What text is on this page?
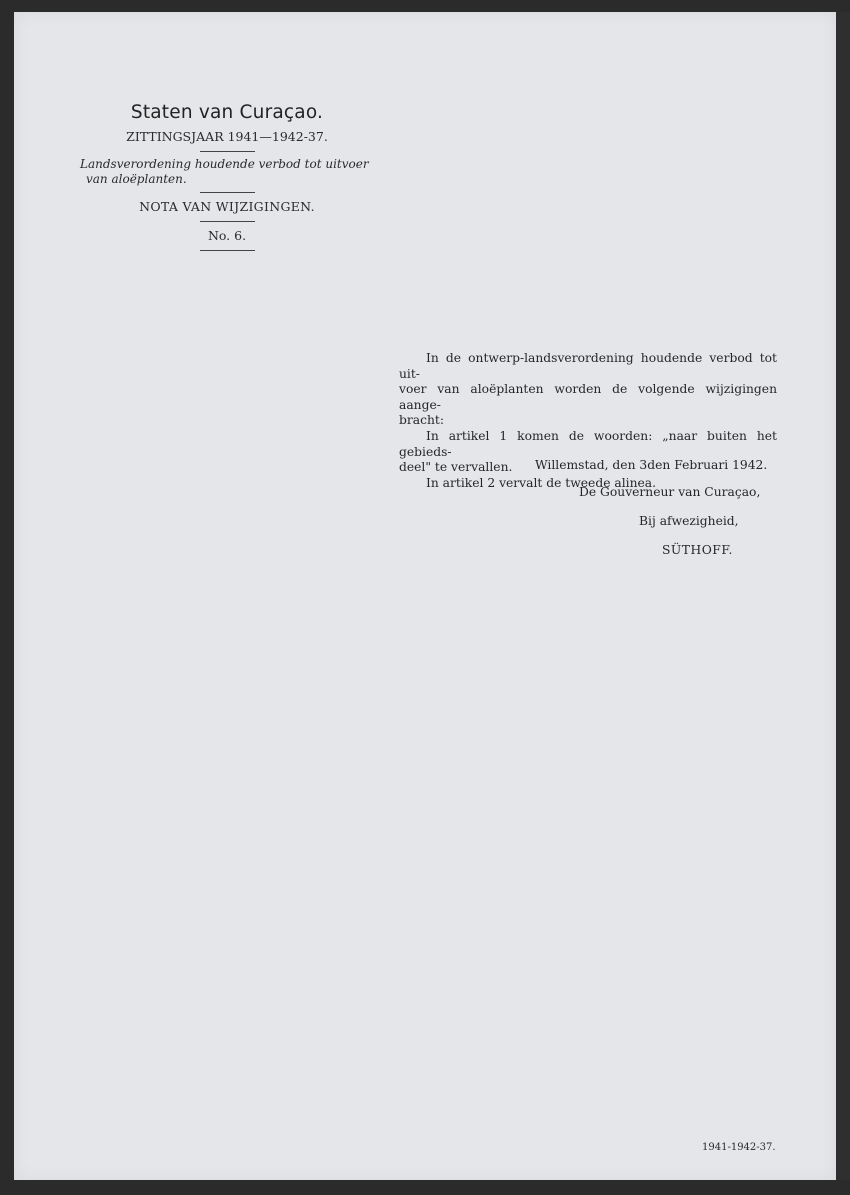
Staten van Curaçao.
ZITTINGSJAAR 1941—1942-37.
Landsverordening houdende verbod tot uitvoer
van aloëplanten.
NOTA VAN WIJZIGINGEN.
No. 6.

In de ontwerp-landsverordening houdende verbod tot uit-

voer van aloëplanten worden de volgende wijzigingen aange-

bracht:

In artikel 1 komen de woorden: „naar buiten het gebieds-

deel" te vervallen.

In artikel 2 vervalt de tweede alinea.

Willemstad, den 3den Februari 1942.
De Gouverneur van Curaçao,
Bij afwezigheid,
SÜTHOFF.
1941-1942-37.
